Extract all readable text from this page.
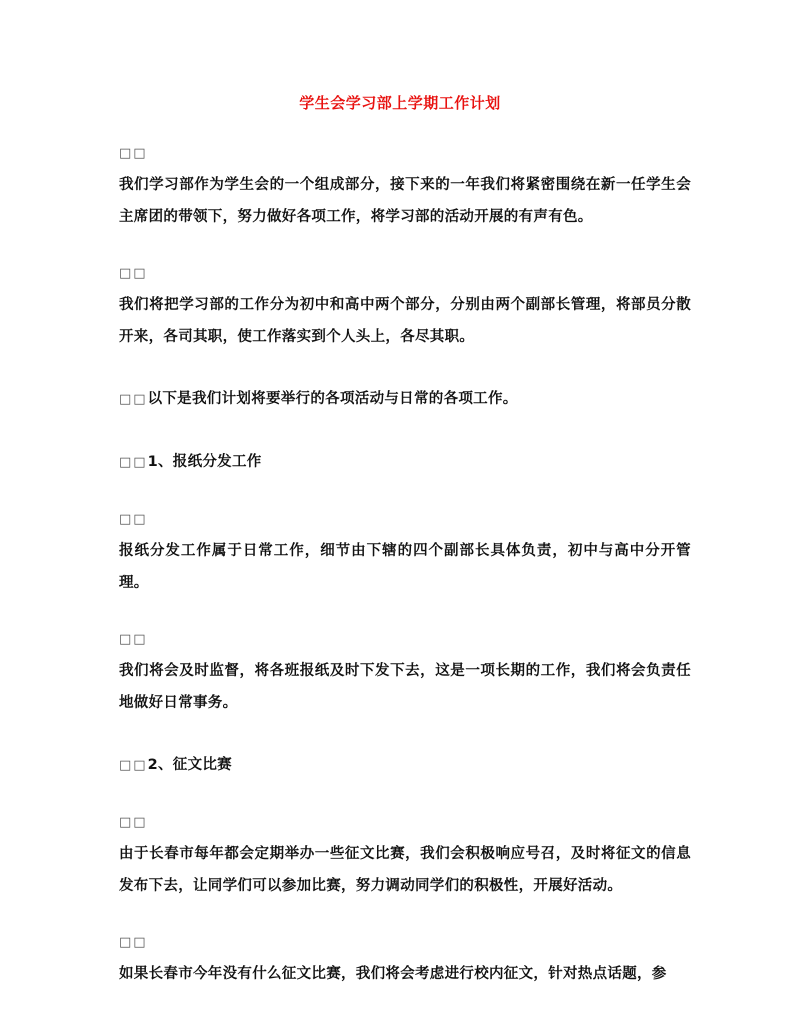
学生会学习部上学期工作计划
□□
我们学习部作为学生会的一个组成部分，接下来的一年我们将紧密围绕在新一任学生会主席团的带领下，努力做好各项工作，将学习部的活动开展的有声有色。
□□
我们将把学习部的工作分为初中和高中两个部分，分别由两个副部长管理，将部员分散开来，各司其职，使工作落实到个人头上，各尽其职。
□□以下是我们计划将要举行的各项活动与日常的各项工作。
□□1、报纸分发工作
□□
报纸分发工作属于日常工作，细节由下辖的四个副部长具体负责，初中与高中分开管理。
□□
我们将会及时监督，将各班报纸及时下发下去，这是一项长期的工作，我们将会负责任地做好日常事务。
□□2、征文比赛
□□
由于长春市每年都会定期举办一些征文比赛，我们会积极响应号召，及时将征文的信息发布下去，让同学们可以参加比赛，努力调动同学们的积极性，开展好活动。
□□
如果长春市今年没有什么征文比赛，我们将会考虑进行校内征文，针对热点话题，参
